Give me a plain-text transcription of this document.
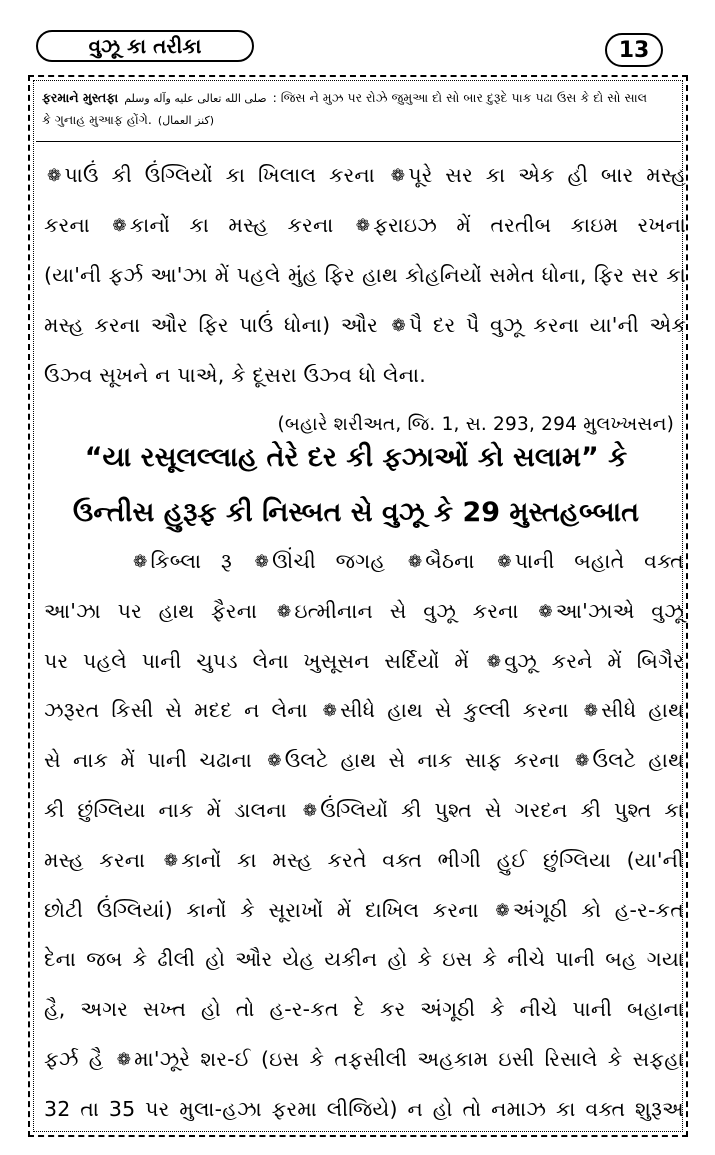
વુઝૂ કા તરીકા	13
ફરમાને મુસ્તફા صلى الله تعالى عليه وآله وسلم : જિસ ને મુઝ પર રોઝે જુમુઆ દો સો બાર દુરૂદે પાક પઢા ઉસ કે દો સો સાલ
કે ગુનાહ મુઆફ હોંગે. (كنز العمال)
❁ પાઉં કી ઉંગ્લિયોં કા ખિલાલ કરના ❁ પૂરે સર કા એક હી બાર મસ્હ
કરના ❁ કાનોં કા મસ્હ કરના ❁ ફરાઇઝ મેં તરતીબ કાઇમ રખના
(યા'ની ફર્ઝ આ'ઝા મેં પહલે મુંહ ફિર હાથ કોહનિયોં સમેત ધોના, ફિર સર કા
મસ્હ કરના ઔર ફિર પાઉં ધોના) ઔર ❁ પૈ દર પૈ વુઝૂ કરના યા'ની એક
ઉઝ્વ સૂખને ન પાએ, કે દૂસરા ઉઝ્વ ધો લેના.
(બહારે શરીઅત, જિ. 1, સ. 293, 294 મુલખ્ખસન)
“યા રસૂલલ્લાહ તેરે દર કી ફઝાઓં કો સલામ” કે
ઉન્તીસ હુરૂફ કી નિસ્બત સે વુઝૂ કે 29 મુસ્તહબ્બાત
❁ કિબ્લા રૂ ❁ ઊંચી જગહ ❁ બૈઠના ❁ પાની બહાતે વક્ત
આ'ઝા પર હાથ ફૈરના ❁ ઇત્મીનાન સે વુઝૂ કરના ❁ આ'ઝાએ વુઝૂ
પર પહલે પાની ચુપડ લેના ખુસૂસન સર્દિયોં મેં ❁ વુઝૂ કરને મેં બિગૈર
ઝરૂરત કિસી સે મદદ ન લેના ❁ સીધે હાથ સે કુલ્લી કરના ❁ સીધે હાથ
સે નાક મેં પાની ચઢાના ❁ ઉલટે હાથ સે નાક સાફ કરના ❁ ઉલટે હાથ
કી છુંગ્લિયા નાક મેં ડાલના ❁ ઉંગ્લિયોં કી પુશ્ત સે ગરદન કી પુશ્ત કા
મસ્હ કરના ❁ કાનોં કા મસ્હ કરતે વક્ત ભીગી હુઈ છુંગ્લિયા (યા'ની
છોટી ઉંગ્લિયાં) કાનોં કે સૂરાખોં મેં દાખિલ કરના ❁ અંગૂઠી કો હ-ર-કત
દેના જબ કે ઢીલી હો ઔર યેહ યકીન હો કે ઇસ કે નીચે પાની બહ ગયા
હૈ, અગર સખ્ત હો તો હ-ર-કત દે કર અંગૂઠી કે નીચે પાની બહાના
ફર્ઝ હૈ ❁ મા'ઝૂરે શર-ઈ (ઇસ કે તફસીલી અહકામ ઇસી રિસાલે કે સફહા
32 તા 35 પર મુલા-હઝા ફરમા લીજિયે) ન હો તો નમાઝ કા વક્ત શુરૂઅ
